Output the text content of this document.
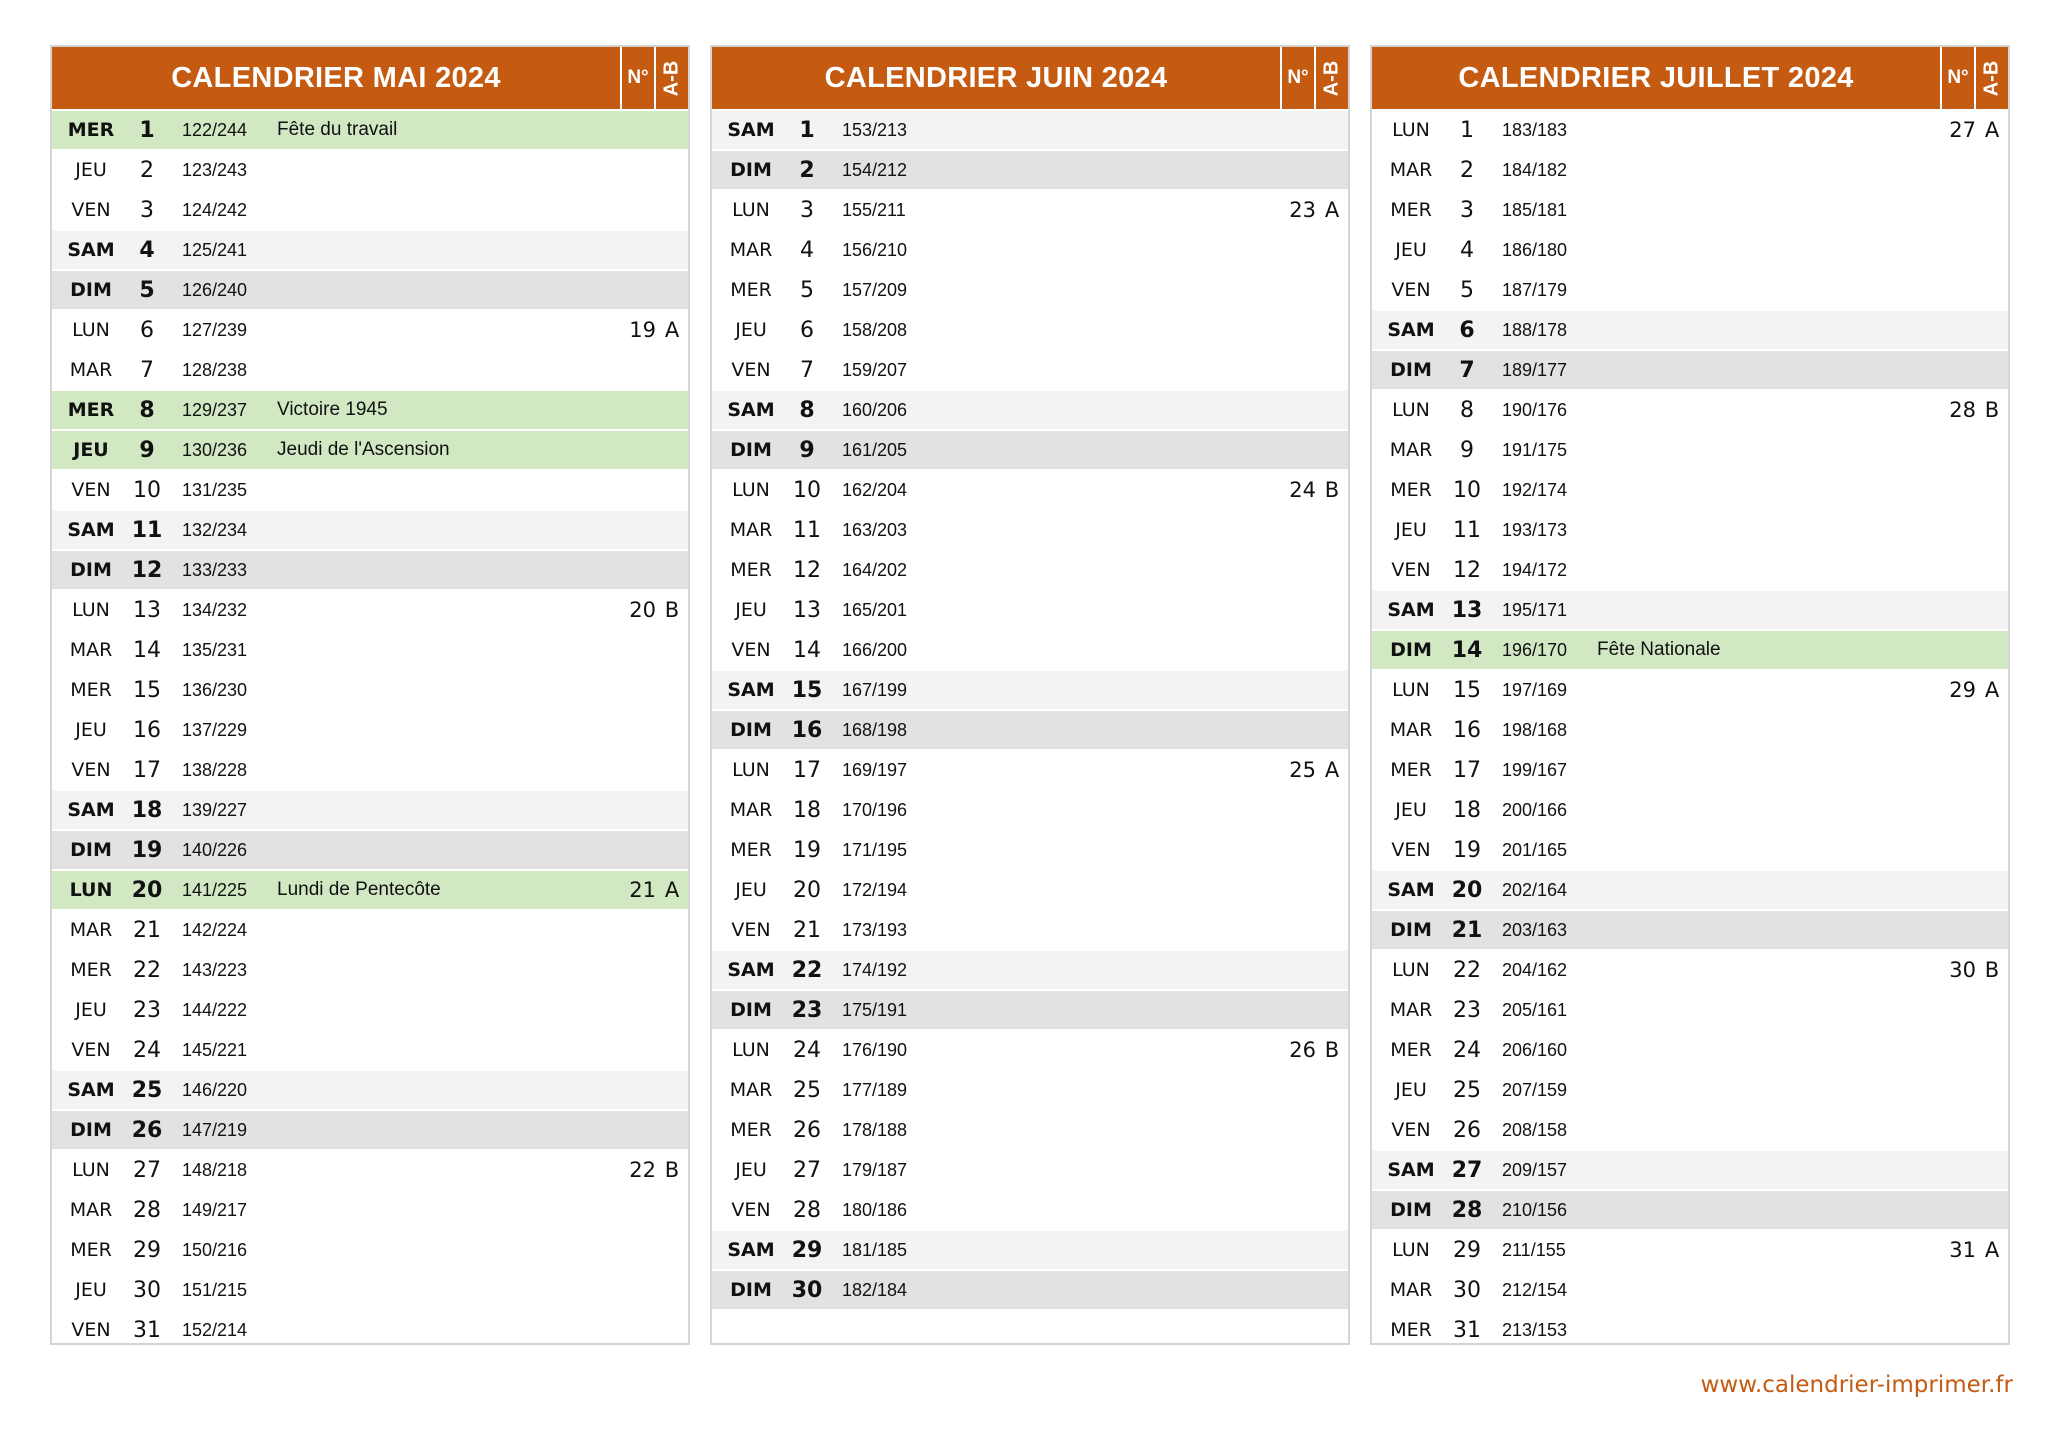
CALENDRIER MAI 2024	N° A-B
MER	1	122/244	Fête du travail
JEU	2	123/243
VEN	3	124/242
SAM	4	125/241
DIM	5	126/240
LUN	6	127/239	19 A
MAR	7	128/238
MER	8	129/237	Victoire 1945
JEU	9	130/236	Jeudi de l'Ascension
VEN	10	131/235
SAM 11	132/234
DIM 12	133/233
LUN	13	134/232	20 B
MAR 14	135/231
MER 15	136/230
JEU	16	137/229
VEN	17	138/228
SAM 18	139/227
DIM 19	140/226
LUN 20	141/225	Lundi de Pentecôte	21 A
MAR 21	142/224
MER 22	143/223
JEU	23	144/222
VEN	24	145/221
SAM 25	146/220
DIM 26	147/219
LUN	27	148/218	22 B
MAR 28	149/217
MER 29	150/216
JEU	30	151/215
VEN	31	152/214
CALENDRIER JUIN 2024	N° A-B
SAM	1	153/213
DIM	2	154/212
LUN	3	155/211	23 A
MAR	4	156/210
MER	5	157/209
JEU	6	158/208
VEN	7	159/207
SAM	8	160/206
DIM	9	161/205
LUN	10	162/204	24 B
MAR 11	163/203
MER 12	164/202
JEU	13	165/201
VEN	14	166/200
SAM 15	167/199
DIM 16	168/198
LUN	17	169/197	25 A
MAR 18	170/196
MER 19	171/195
JEU	20	172/194
VEN	21	173/193
SAM 22	174/192
DIM 23	175/191
LUN	24	176/190	26 B
MAR 25	177/189
MER 26	178/188
JEU	27	179/187
VEN	28	180/186
SAM 29	181/185
DIM 30	182/184
CALENDRIER JUILLET 2024	N° A-B
LUN	1	183/183	27 A
MAR	2	184/182
MER	3	185/181
JEU	4	186/180
VEN	5	187/179
SAM	6	188/178
DIM	7	189/177
LUN	8	190/176	28 B
MAR	9	191/175
MER 10	192/174
JEU	11	193/173
VEN	12	194/172
SAM 13	195/171
DIM 14	196/170	Fête Nationale
LUN	15	197/169	29 A
MAR 16	198/168
MER 17	199/167
JEU	18	200/166
VEN	19	201/165
SAM 20	202/164
DIM 21	203/163
LUN	22	204/162	30 B
MAR 23	205/161
MER 24	206/160
JEU	25	207/159
VEN	26	208/158
SAM 27	209/157
DIM 28	210/156
LUN	29	211/155	31 A
MAR 30	212/154
MER 31	213/153
www.calendrier-imprimer.fr
